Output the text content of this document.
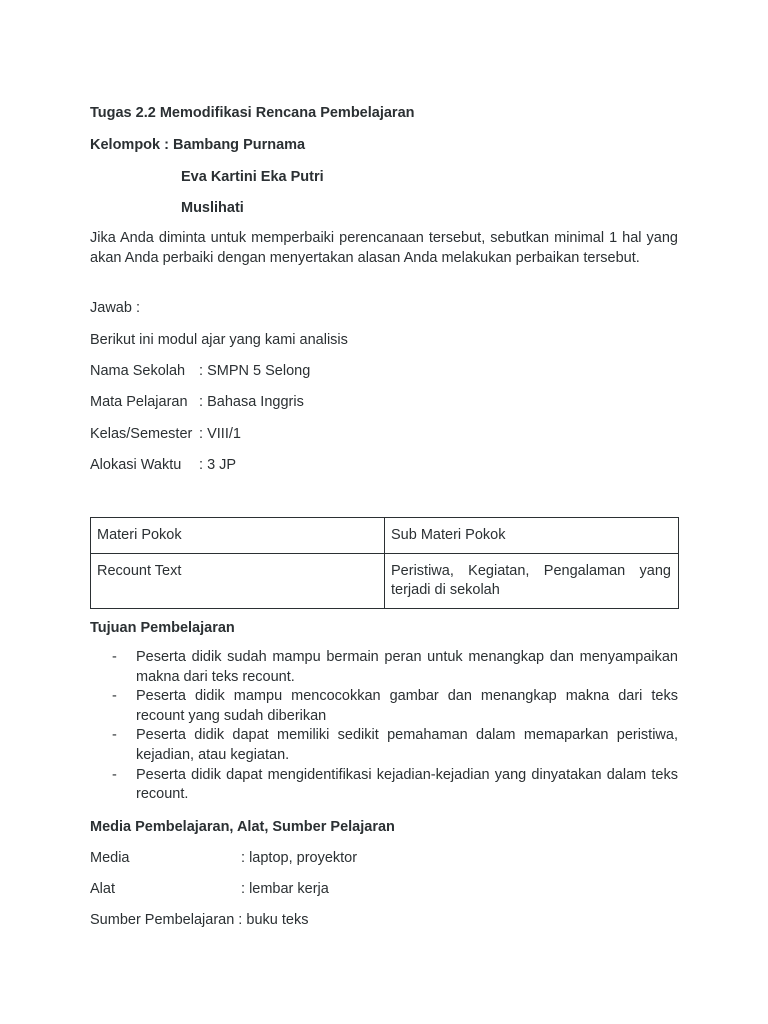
Tugas 2.2 Memodifikasi Rencana Pembelajaran
Kelompok : Bambang Purnama
Eva Kartini Eka Putri
Muslihati
Jika Anda diminta untuk memperbaiki perencanaan tersebut, sebutkan minimal 1 hal yang akan Anda perbaiki dengan menyertakan alasan Anda melakukan perbaikan tersebut.
Jawab :
Berikut ini modul ajar yang kami analisis
Nama Sekolah : SMPN 5 Selong
Mata Pelajaran : Bahasa Inggris
Kelas/Semester : VIII/1
Alokasi Waktu : 3 JP
Materi Pokok	Sub Materi Pokok
Recount Text	Peristiwa, Kegiatan, Pengalaman yang terjadi di sekolah
Tujuan Pembelajaran
- Peserta didik sudah mampu bermain peran untuk menangkap dan menyampaikan makna dari teks recount.
- Peserta didik mampu mencocokkan gambar dan menangkap makna dari teks recount yang sudah diberikan
- Peserta didik dapat memiliki sedikit pemahaman dalam memaparkan peristiwa, kejadian, atau kegiatan.
- Peserta didik dapat mengidentifikasi kejadian-kejadian yang dinyatakan dalam teks recount.
Media Pembelajaran, Alat, Sumber Pelajaran
Media	: laptop, proyektor
Alat	: lembar kerja
Sumber Pembelajaran : buku teks
